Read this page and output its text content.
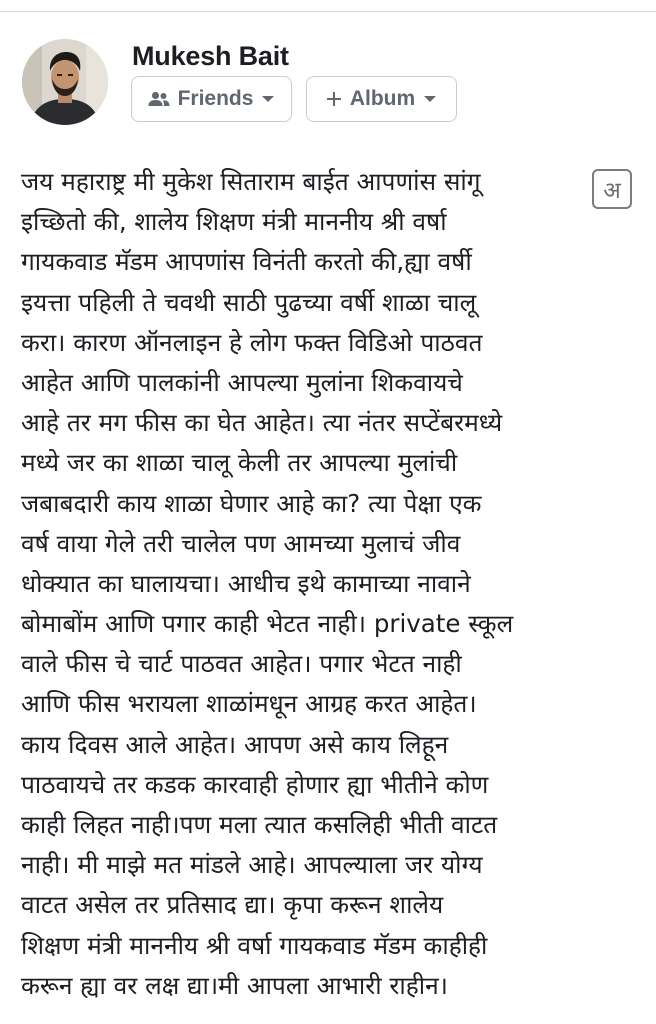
Mukesh Bait
Friends	Album
अ
जय महाराष्ट्र मी मुकेश सिताराम बाईत आपणांस सांगू
इच्छितो की, शालेय शिक्षण मंत्री माननीय श्री वर्षा
गायकवाड मॅडम आपणांस विनंती करतो की,ह्या वर्षी
इयत्ता पहिली ते चवथी साठी पुढच्या वर्षी शाळा चालू
करा। कारण ऑनलाइन हे लोग फक्त विडिओ पाठवत
आहेत आणि पालकांनी आपल्या मुलांना शिकवायचे
आहे तर मग फीस का घेत आहेत। त्या नंतर सप्टेंबरमध्ये
मध्ये जर का शाळा चालू केली तर आपल्या मुलांची
जबाबदारी काय शाळा घेणार आहे का? त्या पेक्षा एक
वर्ष वाया गेले तरी चालेल पण आमच्या मुलाचं जीव
धोक्यात का घालायचा। आधीच इथे कामाच्या नावाने
बोमाबोंम आणि पगार काही भेटत नाही। private स्कूल
वाले फीस चे चार्ट पाठवत आहेत। पगार भेटत नाही
आणि फीस भरायला शाळांमधून आग्रह करत आहेत।
काय दिवस आले आहेत। आपण असे काय लिहून
पाठवायचे तर कडक कारवाही होणार ह्या भीतीने कोण
काही लिहत नाही।पण मला त्यात कसलिही भीती वाटत
नाही। मी माझे मत मांडले आहे। आपल्याला जर योग्य
वाटत असेल तर प्रतिसाद द्या। कृपा करून शालेय
शिक्षण मंत्री माननीय श्री वर्षा गायकवाड मॅडम काहीही
करून ह्या वर लक्ष द्या।मी आपला आभारी राहीन।
